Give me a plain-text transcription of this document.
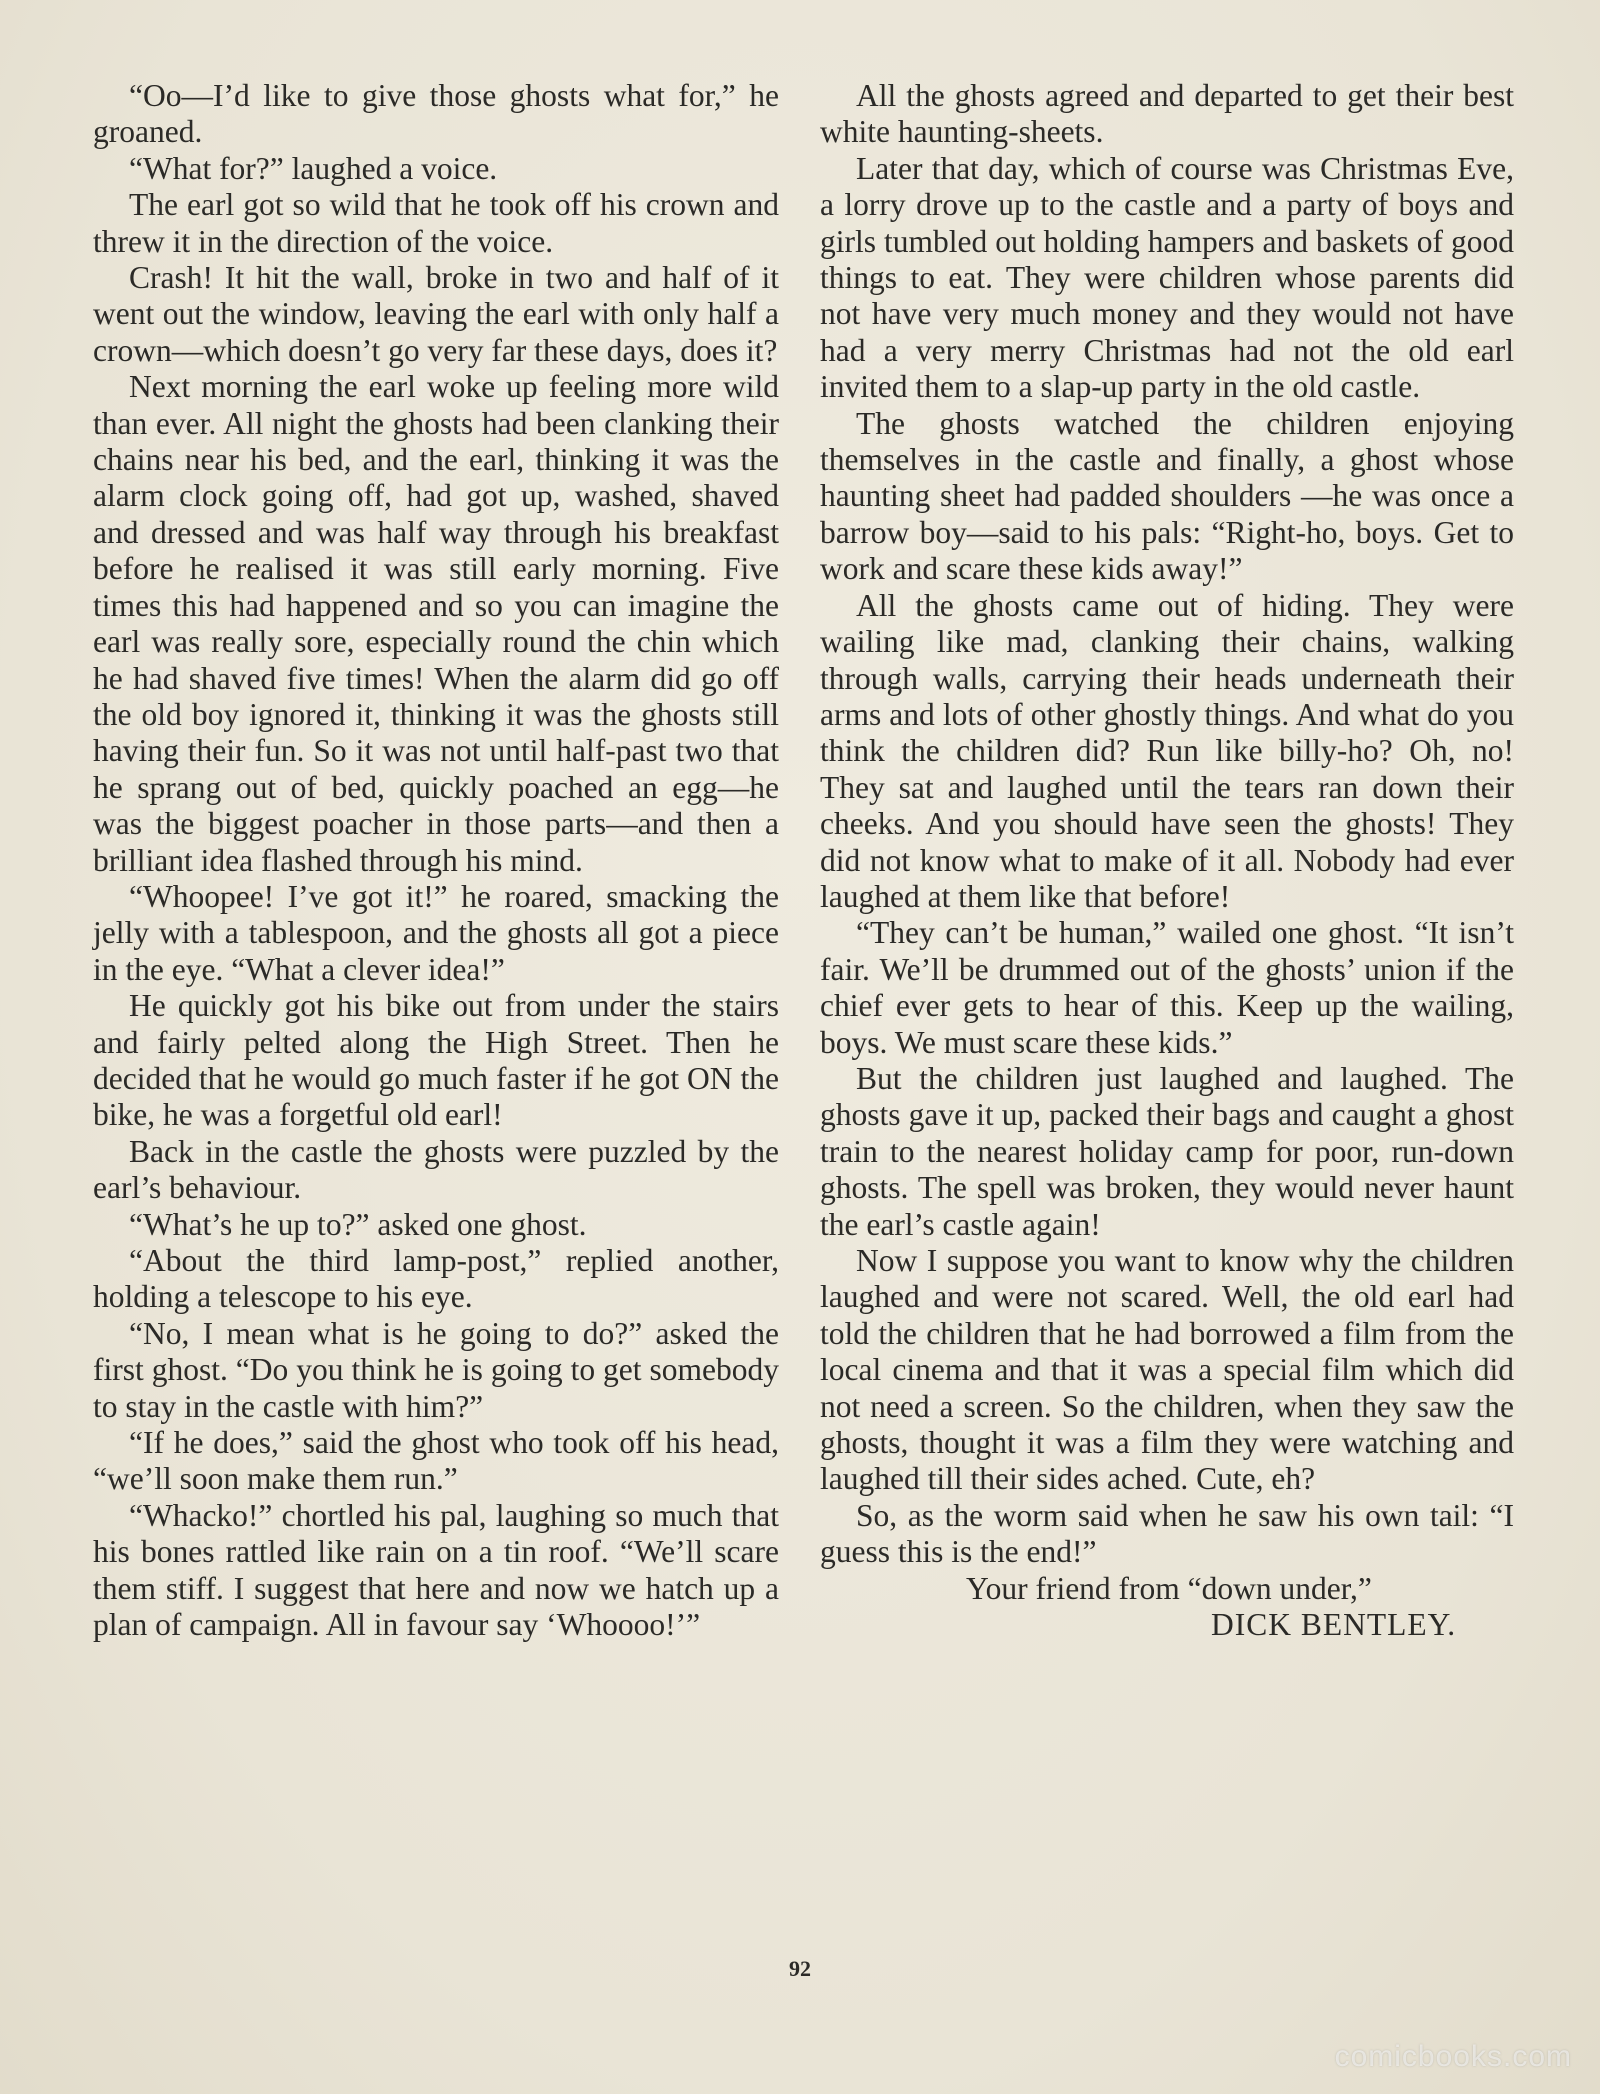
“Oo—I’d like to give those ghosts what for,” he groaned.

“What for?” laughed a voice.

The earl got so wild that he took off his crown and threw it in the direction of the voice.

Crash! It hit the wall, broke in two and half of it went out the window, leaving the earl with only half a crown—which doesn’t go very far these days, does it?

Next morning the earl woke up feeling more wild than ever. All night the ghosts had been clanking their chains near his bed, and the earl, thinking it was the alarm clock going off, had got up, washed, shaved and dressed and was half way through his breakfast before he realised it was still early morning. Five times this had happened and so you can imagine the earl was really sore, especially round the chin which he had shaved five times! When the alarm did go off the old boy ignored it, thinking it was the ghosts still having their fun. So it was not until half-past two that he sprang out of bed, quickly poached an egg—he was the biggest poacher in those parts—and then a brilliant idea flashed through his mind.

“Whoopee! I’ve got it!” he roared, smacking the jelly with a tablespoon, and the ghosts all got a piece in the eye. “What a clever idea!”

He quickly got his bike out from under the stairs and fairly pelted along the High Street. Then he decided that he would go much faster if he got ON the bike, he was a forgetful old earl!

Back in the castle the ghosts were puzzled by the earl’s behaviour.

“What’s he up to?” asked one ghost.

“About the third lamp-post,” replied another, holding a telescope to his eye.

“No, I mean what is he going to do?” asked the first ghost. “Do you think he is going to get somebody to stay in the castle with him?”

“If he does,” said the ghost who took off his head, “we’ll soon make them run.”

“Whacko!” chortled his pal, laughing so much that his bones rattled like rain on a tin roof. “We’ll scare them stiff. I suggest that here and now we hatch up a plan of campaign. All in favour say ‘Whoooo!’”

All the ghosts agreed and departed to get their best white haunting-sheets.

Later that day, which of course was Christmas Eve, a lorry drove up to the castle and a party of boys and girls tumbled out holding hampers and baskets of good things to eat. They were children whose parents did not have very much money and they would not have had a very merry Christmas had not the old earl invited them to a slap-up party in the old castle.

The ghosts watched the children enjoying themselves in the castle and finally, a ghost whose haunting sheet had padded shoulders —he was once a barrow boy—said to his pals: “Right-ho, boys. Get to work and scare these kids away!”

All the ghosts came out of hiding. They were wailing like mad, clanking their chains, walking through walls, carrying their heads underneath their arms and lots of other ghostly things. And what do you think the children did? Run like billy-ho? Oh, no! They sat and laughed until the tears ran down their cheeks. And you should have seen the ghosts! They did not know what to make of it all. Nobody had ever laughed at them like that before!

“They can’t be human,” wailed one ghost. “It isn’t fair. We’ll be drummed out of the ghosts’ union if the chief ever gets to hear of this. Keep up the wailing, boys. We must scare these kids.”

But the children just laughed and laughed. The ghosts gave it up, packed their bags and caught a ghost train to the nearest holiday camp for poor, run-down ghosts. The spell was broken, they would never haunt the earl’s castle again!

Now I suppose you want to know why the children laughed and were not scared. Well, the old earl had told the children that he had borrowed a film from the local cinema and that it was a special film which did not need a screen. So the children, when they saw the ghosts, thought it was a film they were watching and laughed till their sides ached. Cute, eh?

So, as the worm said when he saw his own tail: “I guess this is the end!”

Your friend from “down under,”

DICK BENTLEY.

92
comicbooks.com
